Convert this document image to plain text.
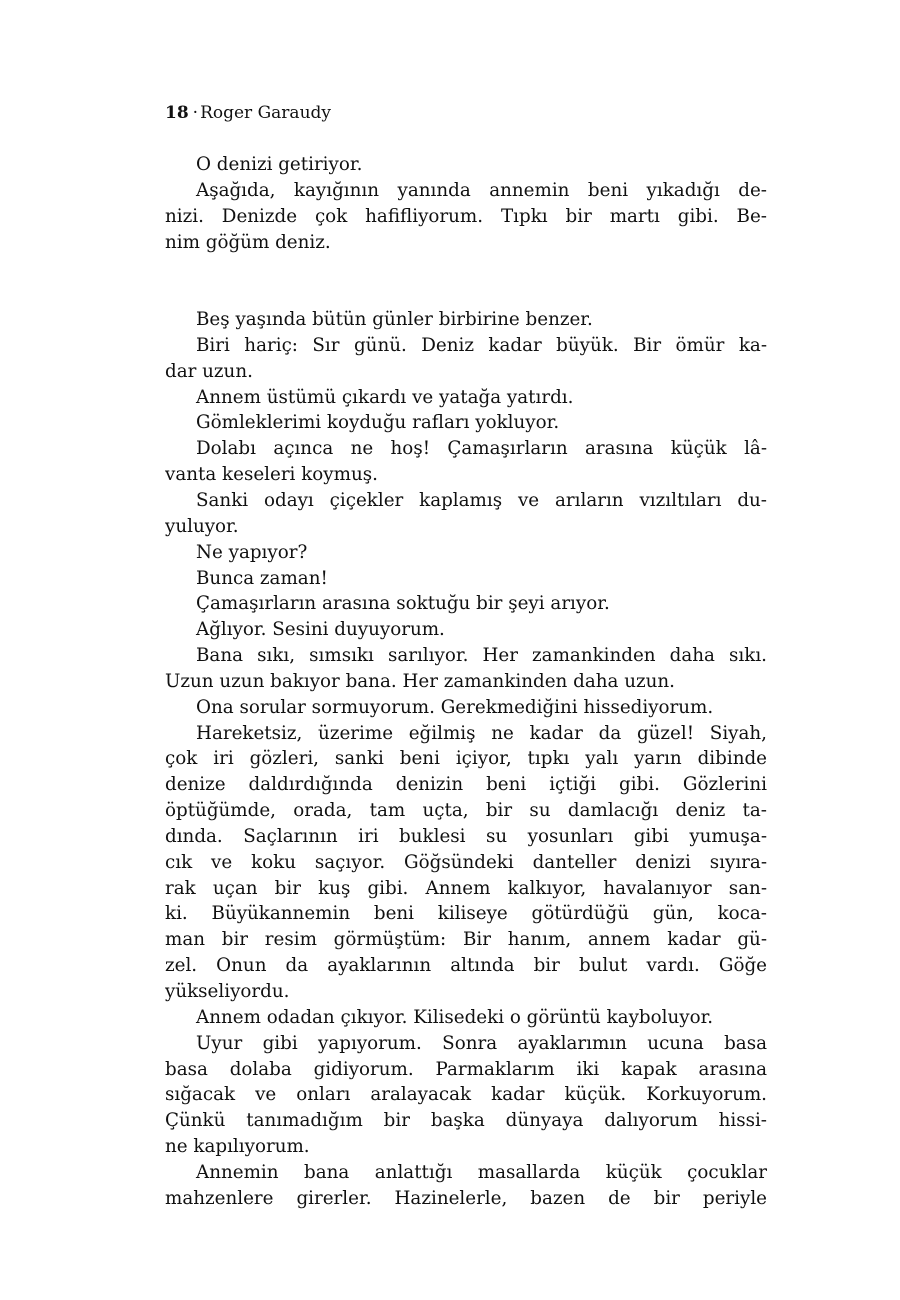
18 · Roger Garaudy
O denizi getiriyor.
Aşağıda, kayığının yanında annemin beni yıkadığı de-
nizi. Denizde çok hafifliyorum. Tıpkı bir martı gibi. Be-
nim göğüm deniz.
Beş yaşında bütün günler birbirine benzer.
Biri hariç: Sır günü. Deniz kadar büyük. Bir ömür ka-
dar uzun.
Annem üstümü çıkardı ve yatağa yatırdı.
Gömleklerimi koyduğu rafları yokluyor.
Dolabı açınca ne hoş! Çamaşırların arasına küçük lâ-
vanta keseleri koymuş.
Sanki odayı çiçekler kaplamış ve arıların vızıltıları du-
yuluyor.
Ne yapıyor?
Bunca zaman!
Çamaşırların arasına soktuğu bir şeyi arıyor.
Ağlıyor. Sesini duyuyorum.
Bana sıkı, sımsıkı sarılıyor. Her zamankinden daha sıkı.
Uzun uzun bakıyor bana. Her zamankinden daha uzun.
Ona sorular sormuyorum. Gerekmediğini hissediyorum.
Hareketsiz, üzerime eğilmiş ne kadar da güzel! Siyah,
çok iri gözleri, sanki beni içiyor, tıpkı yalı yarın dibinde
denize daldırdığında denizin beni içtiği gibi. Gözlerini
öptüğümde, orada, tam uçta, bir su damlacığı deniz ta-
dında. Saçlarının iri buklesi su yosunları gibi yumuşa-
cık ve koku saçıyor. Göğsündeki danteller denizi sıyıra-
rak uçan bir kuş gibi. Annem kalkıyor, havalanıyor san-
ki. Büyükannemin beni kiliseye götürdüğü gün, koca-
man bir resim görmüştüm: Bir hanım, annem kadar gü-
zel. Onun da ayaklarının altında bir bulut vardı. Göğe
yükseliyordu.
Annem odadan çıkıyor. Kilisedeki o görüntü kayboluyor.
Uyur gibi yapıyorum. Sonra ayaklarımın ucuna basa
basa dolaba gidiyorum. Parmaklarım iki kapak arasına
sığacak ve onları aralayacak kadar küçük. Korkuyorum.
Çünkü tanımadığım bir başka dünyaya dalıyorum hissi-
ne kapılıyorum.
Annemin bana anlattığı masallarda küçük çocuklar
mahzenlere girerler. Hazinelerle, bazen de bir periyle
